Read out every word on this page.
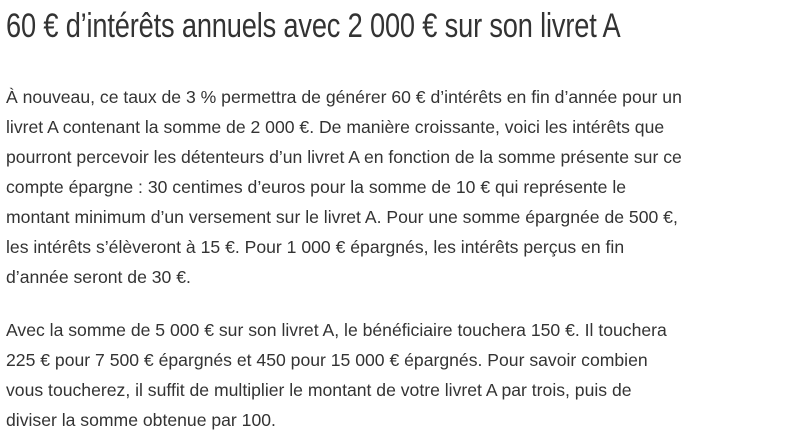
60 € d’intérêts annuels avec 2 000 € sur son livret A

À nouveau, ce taux de 3 % permettra de générer 60 € d’intérêts en fin d’année pour un
livret A contenant la somme de 2 000 €. De manière croissante, voici les intérêts que
pourront percevoir les détenteurs d’un livret A en fonction de la somme présente sur ce
compte épargne : 30 centimes d’euros pour la somme de 10 € qui représente le
montant minimum d’un versement sur le livret A. Pour une somme épargnée de 500 €,
les intérêts s’élèveront à 15 €. Pour 1 000 € épargnés, les intérêts perçus en fin
d’année seront de 30 €.

Avec la somme de 5 000 € sur son livret A, le bénéficiaire touchera 150 €. Il touchera
225 € pour 7 500 € épargnés et 450 pour 15 000 € épargnés. Pour savoir combien
vous toucherez, il suffit de multiplier le montant de votre livret A par trois, puis de
diviser la somme obtenue par 100.
